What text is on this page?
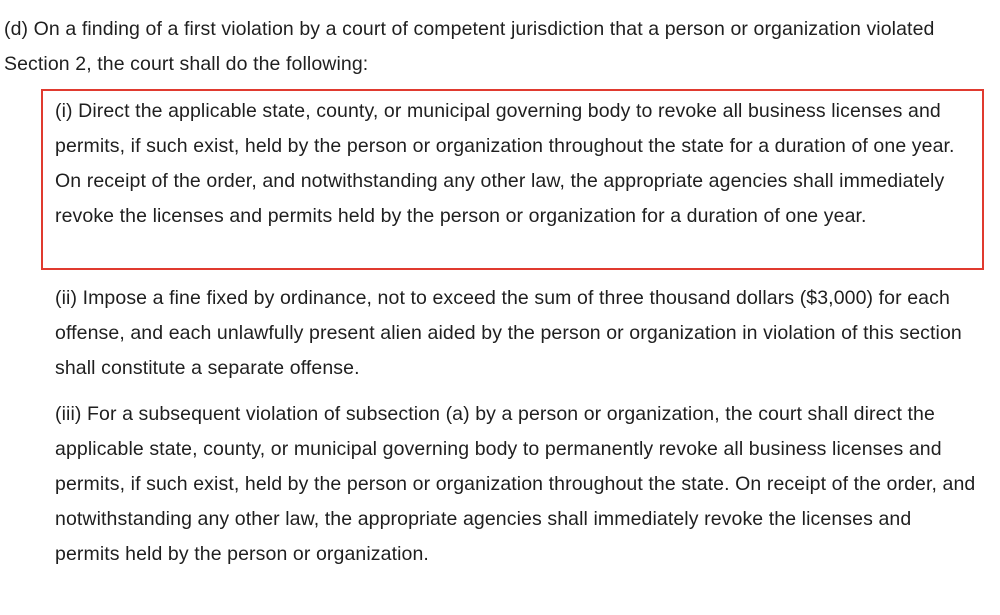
(d) On a finding of a first violation by a court of competent jurisdiction that a person or organization violated Section 2, the court shall do the following:

(i) Direct the applicable state, county, or municipal governing body to revoke all business licenses and permits, if such exist, held by the person or organization throughout the state for a duration of one year. On receipt of the order, and notwithstanding any other law, the appropriate agencies shall immediately revoke the licenses and permits held by the person or organization for a duration of one year.

(ii) Impose a fine fixed by ordinance, not to exceed the sum of three thousand dollars ($3,000) for each offense, and each unlawfully present alien aided by the person or organization in violation of this section shall constitute a separate offense.

(iii) For a subsequent violation of subsection (a) by a person or organization, the court shall direct the applicable state, county, or municipal governing body to permanently revoke all business licenses and permits, if such exist, held by the person or organization throughout the state. On receipt of the order, and notwithstanding any other law, the appropriate agencies shall immediately revoke the licenses and permits held by the person or organization.
